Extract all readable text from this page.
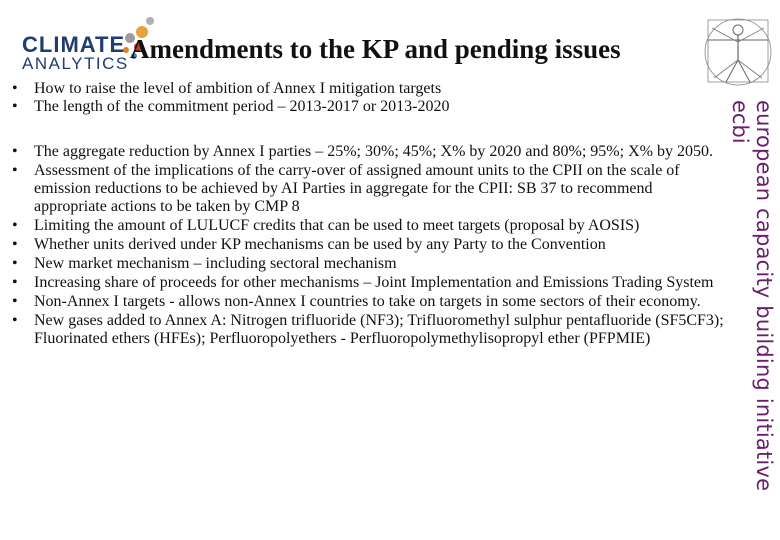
CLIMATE
ANALYTICS Amendments to the KP and pending issues
• How to raise the level of ambition of Annex I mitigation targets
• The length of the commitment period – 2013-2017 or 2013-2020
• The aggregate reduction by Annex I parties – 25%; 30%; 45%; X% by 2020 and 80%; 95%; X% by 2050.
• Assessment of the implications of the carry-over of assigned amount units to the CPII on the scale of emission reductions to be achieved by AI Parties in aggregate for the CPII: SB 37 to recommend appropriate actions to be taken by CMP 8
• Limiting the amount of LULUCF credits that can be used to meet targets (proposal by AOSIS)
• Whether units derived under KP mechanisms can be used by any Party to the Convention
• New market mechanism – including sectoral mechanism
• Increasing share of proceeds for other mechanisms – Joint Implementation and Emissions Trading System
• Non-Annex I targets - allows non-Annex I countries to take on targets in some sectors of their economy.
• New gases added to Annex A: Nitrogen trifluoride (NF3); Trifluoromethyl sulphur pentafluoride (SF5CF3); Fluorinated ethers (HFEs); Perfluoropolyethers - Perfluoropolymethylisopropyl ether (PFPMIE)	european capacity building initiative
ecbi
